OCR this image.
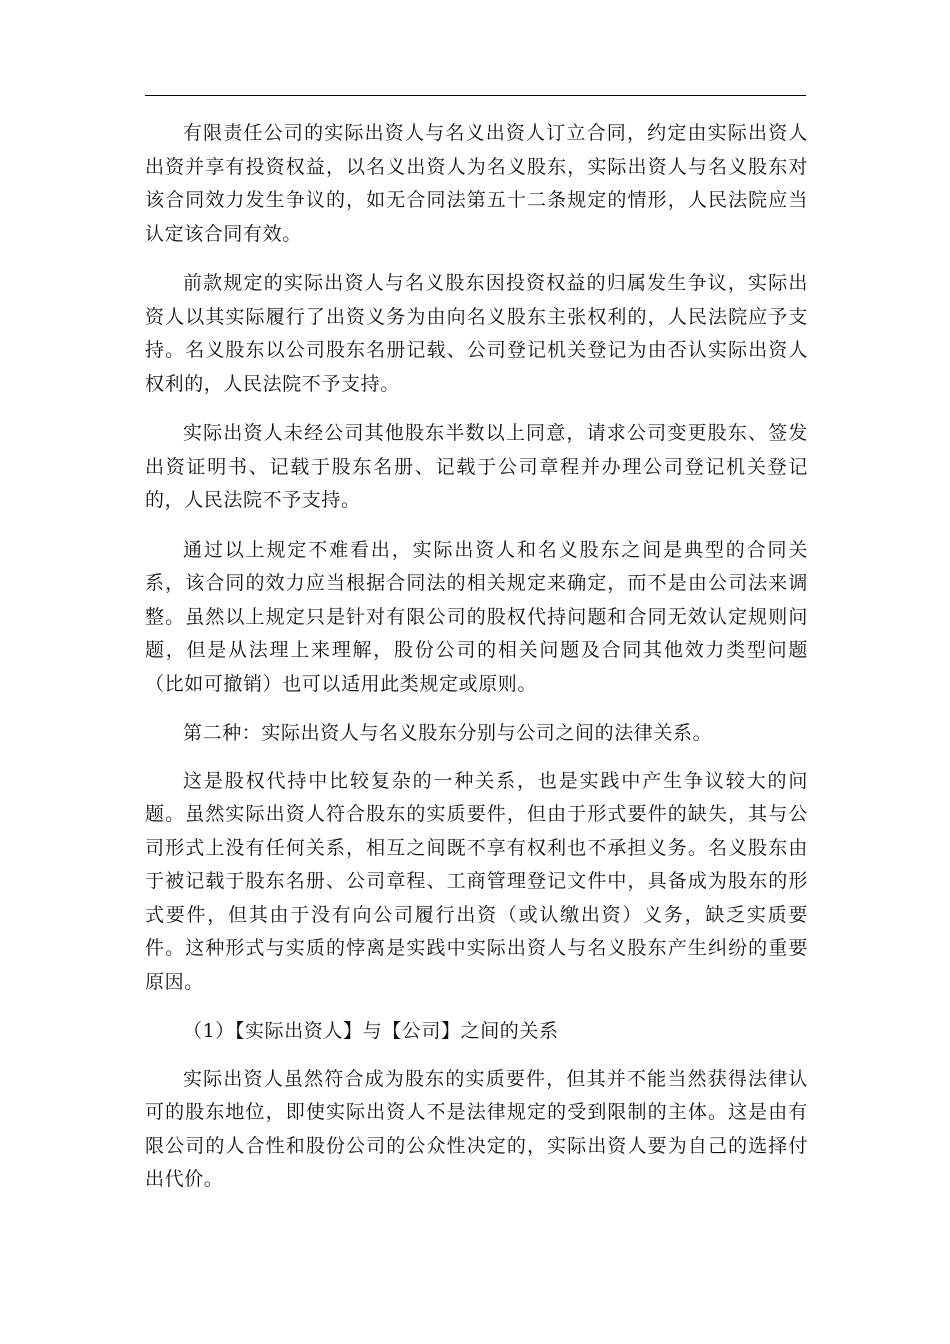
有限责任公司的实际出资人与名义出资人订立合同，约定由实际出资人出资并享有投资权益，以名义出资人为名义股东，实际出资人与名义股东对该合同效力发生争议的，如无合同法第五十二条规定的情形，人民法院应当认定该合同有效。

前款规定的实际出资人与名义股东因投资权益的归属发生争议，实际出资人以其实际履行了出资义务为由向名义股东主张权利的，人民法院应予支持。名义股东以公司股东名册记载、公司登记机关登记为由否认实际出资人权利的，人民法院不予支持。

实际出资人未经公司其他股东半数以上同意，请求公司变更股东、签发出资证明书、记载于股东名册、记载于公司章程并办理公司登记机关登记的，人民法院不予支持。

通过以上规定不难看出，实际出资人和名义股东之间是典型的合同关系，该合同的效力应当根据合同法的相关规定来确定，而不是由公司法来调整。虽然以上规定只是针对有限公司的股权代持问题和合同无效认定规则问题，但是从法理上来理解，股份公司的相关问题及合同其他效力类型问题（比如可撤销）也可以适用此类规定或原则。

第二种：实际出资人与名义股东分别与公司之间的法律关系。

这是股权代持中比较复杂的一种关系，也是实践中产生争议较大的问题。虽然实际出资人符合股东的实质要件，但由于形式要件的缺失，其与公司形式上没有任何关系，相互之间既不享有权利也不承担义务。名义股东由于被记载于股东名册、公司章程、工商管理登记文件中，具备成为股东的形式要件，但其由于没有向公司履行出资（或认缴出资）义务，缺乏实质要件。这种形式与实质的悖离是实践中实际出资人与名义股东产生纠纷的重要原因。

（1）【实际出资人】与【公司】之间的关系

实际出资人虽然符合成为股东的实质要件，但其并不能当然获得法律认可的股东地位，即使实际出资人不是法律规定的受到限制的主体。这是由有限公司的人合性和股份公司的公众性决定的，实际出资人要为自己的选择付出代价。
